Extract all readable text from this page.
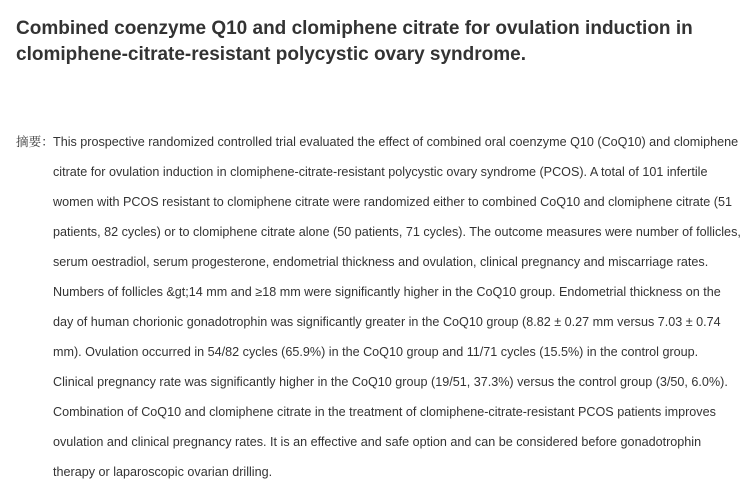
Combined coenzyme Q10 and clomiphene citrate for ovulation induction in clomiphene-citrate-resistant polycystic ovary syndrome.
摘要： This prospective randomized controlled trial evaluated the effect of combined oral coenzyme Q10 (CoQ10) and clomiphene citrate for ovulation induction in clomiphene-citrate-resistant polycystic ovary syndrome (PCOS). A total of 101 infertile women with PCOS resistant to clomiphene citrate were randomized either to combined CoQ10 and clomiphene citrate (51 patients, 82 cycles) or to clomiphene citrate alone (50 patients, 71 cycles). The outcome measures were number of follicles, serum oestradiol, serum progesterone, endometrial thickness and ovulation, clinical pregnancy and miscarriage rates. Numbers of follicles &gt;14 mm and ≥18 mm were significantly higher in the CoQ10 group. Endometrial thickness on the day of human chorionic gonadotrophin was significantly greater in the CoQ10 group (8.82 ± 0.27 mm versus 7.03 ± 0.74 mm). Ovulation occurred in 54/82 cycles (65.9%) in the CoQ10 group and 11/71 cycles (15.5%) in the control group. Clinical pregnancy rate was significantly higher in the CoQ10 group (19/51, 37.3%) versus the control group (3/50, 6.0%). Combination of CoQ10 and clomiphene citrate in the treatment of clomiphene-citrate-resistant PCOS patients improves ovulation and clinical pregnancy rates. It is an effective and safe option and can be considered before gonadotrophin therapy or laparoscopic ovarian drilling.
